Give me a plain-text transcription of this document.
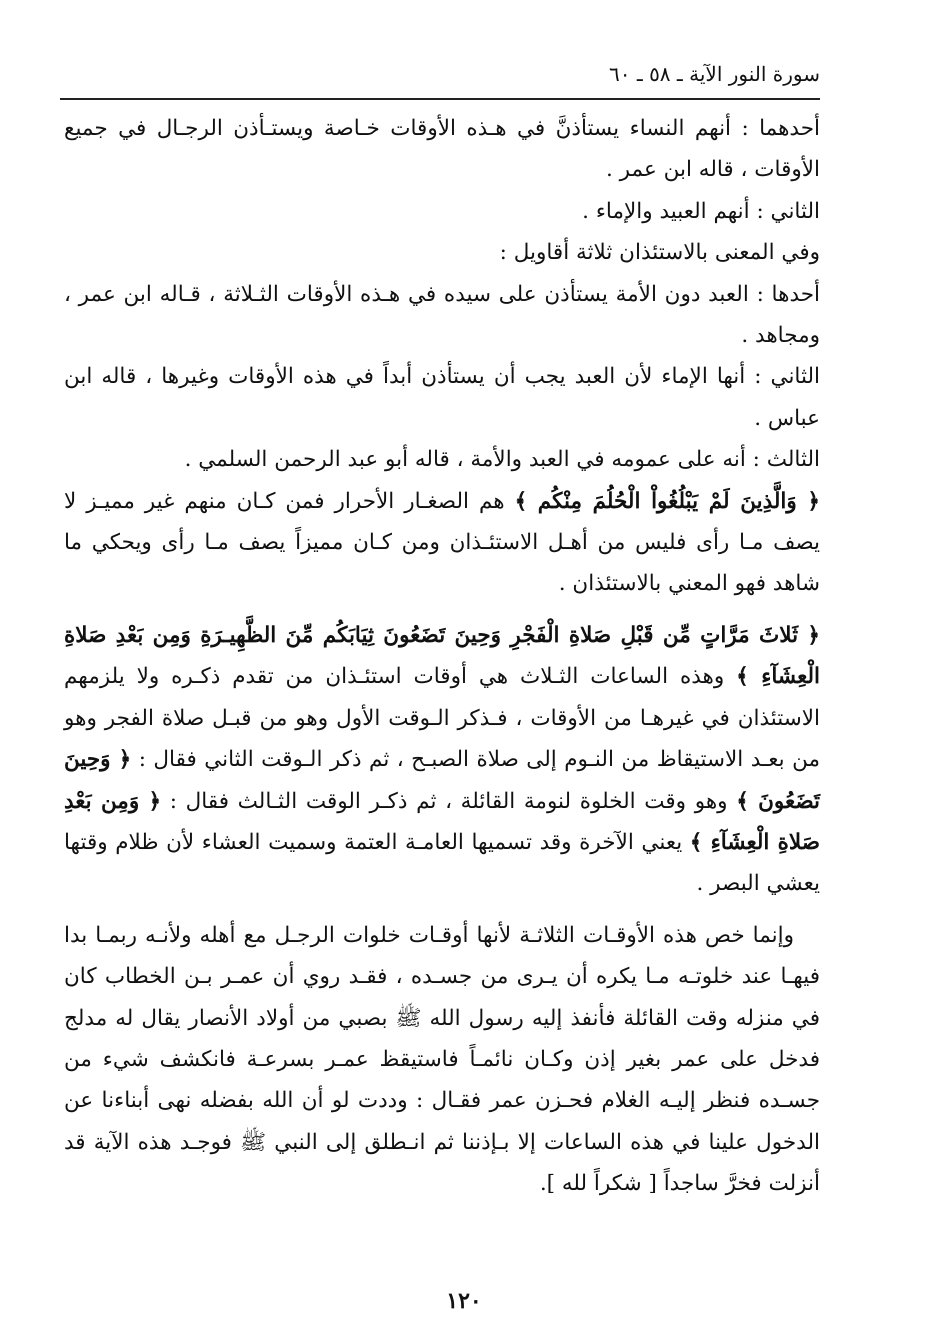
سورة النور الآية ـ ٥٨ ـ ٦٠

أحدهما : أنهم النساء يستأذنَّ في هـذه الأوقات خـاصة ويستـأذن الرجـال في جميع الأوقات ، قاله ابن عمر .

الثاني : أنهم العبيد والإماء .

وفي المعنى بالاستئذان ثلاثة أقاويل :

أحدها : العبد دون الأمة يستأذن على سيده في هـذه الأوقات الثـلاثة ، قـاله ابن عمر ، ومجاهد .

الثاني : أنها الإماء لأن العبد يجب أن يستأذن أبداً في هذه الأوقات وغيرها ، قاله ابن عباس .

الثالث : أنه على عمومه في العبد والأمة ، قاله أبو عبد الرحمن السلمي .

﴿ وَالَّذِينَ لَمْ يَبْلُغُواْ الْحُلُمَ مِنْكُم ﴾ هم الصغـار الأحرار فمن كـان منهم غير مميـز لا يصف مـا رأى فليس من أهـل الاستئـذان ومن كـان مميزاً يصف مـا رأى ويحكي ما شاهد فهو المعني بالاستئذان .

﴿ ثَلاثَ مَرَّاتٍ مِّن قَبْلِ صَلاةِ الْفَجْرِ وَحِينَ تَضَعُونَ ثِيَابَكُم مِّنَ الظَّهِيـرَةِ وَمِن بَعْدِ صَلاةِ الْعِشَآءِ ﴾ وهذه الساعات الثـلاث هي أوقات استئـذان من تقدم ذكـره ولا يلزمهم الاستئذان في غيرهـا من الأوقات ، فـذكر الـوقت الأول وهو من قبـل صلاة الفجر وهو من بعـد الاستيقاظ من النـوم إلى صلاة الصبـح ، ثم ذكر الـوقت الثاني فقال : ﴿ وَحِينَ تَضَعُونَ ﴾ وهو وقت الخلوة لنومة القائلة ، ثم ذكـر الوقت الثـالث فقال : ﴿ وَمِن بَعْدِ صَلاةِ الْعِشَآءِ ﴾ يعني الآخرة وقد تسميها العامـة العتمة وسميت العشاء لأن ظلام وقتها يعشي البصر .

وإنما خص هذه الأوقـات الثلاثـة لأنها أوقـات خلوات الرجـل مع أهله ولأنـه ربمـا بدا فيهـا عند خلوتـه مـا يكره أن يـرى من جسـده ، فقـد روي أن عمـر بـن الخطاب كان في منزله وقت القائلة فأنفذ إليه رسول الله ﷺ بصبي من أولاد الأنصار يقال له مدلج فدخل على عمر بغير إذن وكـان نائمـاً فاستيقظ عمـر بسرعـة فانكشف شيء من جسـده فنظر إليـه الغلام فحـزن عمر فقـال : وددت لو أن الله بفضله نهى أبناءنا عن الدخول علينا في هذه الساعات إلا بـإذننا ثم انـطلق إلى النبي ﷺ فوجـد هذه الآية قد أنزلت فخرَّ ساجداً [ شكراً لله ].

١٢٠
